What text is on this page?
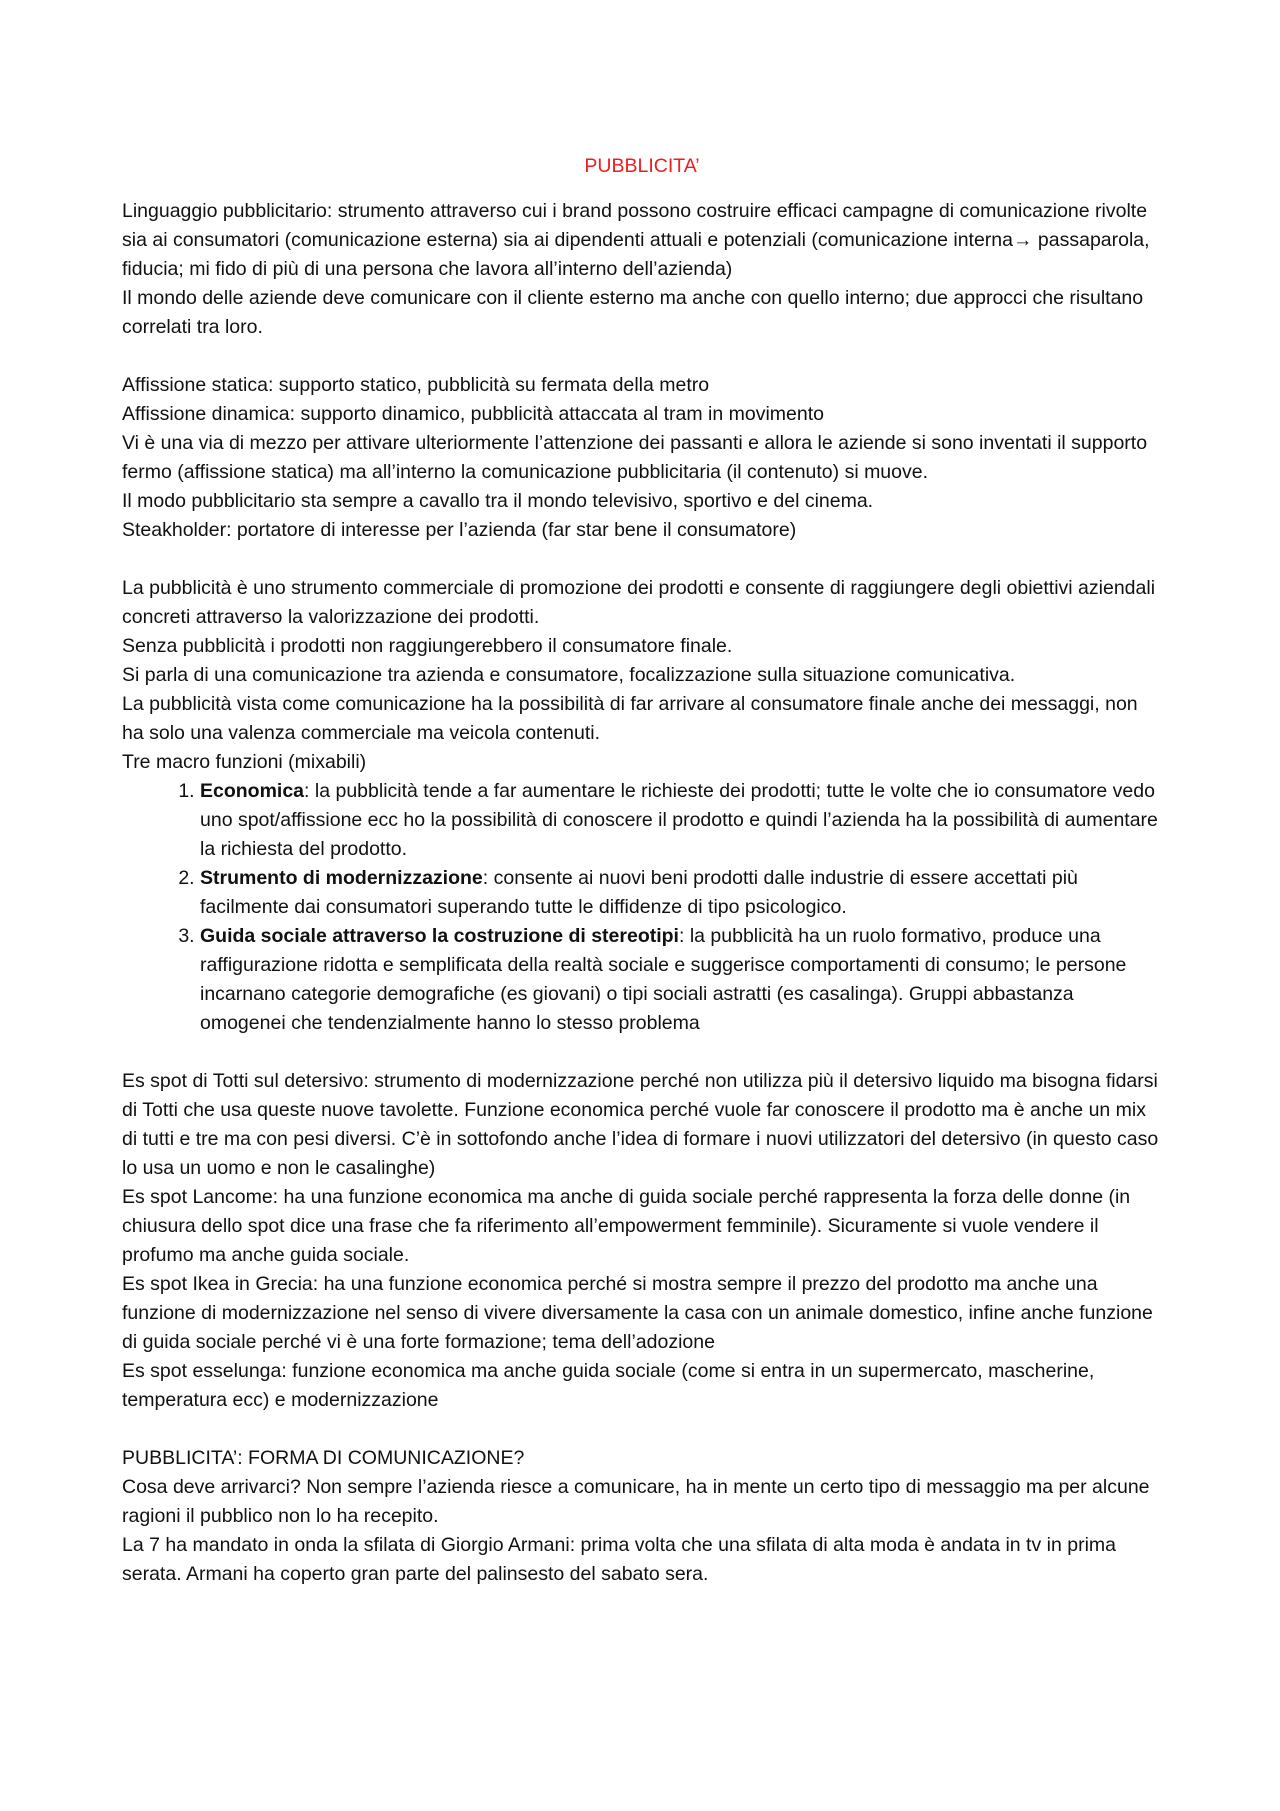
PUBBLICITA’

Linguaggio pubblicitario: strumento attraverso cui i brand possono costruire efficaci campagne di comunicazione rivolte sia ai consumatori (comunicazione esterna) sia ai dipendenti attuali e potenziali (comunicazione interna→ passaparola, fiducia; mi fido di più di una persona che lavora all’interno dell’azienda)

Il mondo delle aziende deve comunicare con il cliente esterno ma anche con quello interno; due approcci che risultano correlati tra loro.

Affissione statica: supporto statico, pubblicità su fermata della metro

Affissione dinamica: supporto dinamico, pubblicità attaccata al tram in movimento

Vi è una via di mezzo per attivare ulteriormente l’attenzione dei passanti e allora le aziende si sono inventati il supporto fermo (affissione statica) ma all’interno la comunicazione pubblicitaria (il contenuto) si muove.

Il modo pubblicitario sta sempre a cavallo tra il mondo televisivo, sportivo e del cinema.

Steakholder: portatore di interesse per l’azienda (far star bene il consumatore)

La pubblicità è uno strumento commerciale di promozione dei prodotti e consente di raggiungere degli obiettivi aziendali concreti attraverso la valorizzazione dei prodotti.

Senza pubblicità i prodotti non raggiungerebbero il consumatore finale.

Si parla di una comunicazione tra azienda e consumatore, focalizzazione sulla situazione comunicativa.

La pubblicità vista come comunicazione ha la possibilità di far arrivare al consumatore finale anche dei messaggi, non ha solo una valenza commerciale ma veicola contenuti.

Tre macro funzioni (mixabili)

1. Economica: la pubblicità tende a far aumentare le richieste dei prodotti; tutte le volte che io consumatore vedo uno spot/affissione ecc ho la possibilità di conoscere il prodotto e quindi l’azienda ha la possibilità di aumentare la richiesta del prodotto.
2. Strumento di modernizzazione: consente ai nuovi beni prodotti dalle industrie di essere accettati più facilmente dai consumatori superando tutte le diffidenze di tipo psicologico.
3. Guida sociale attraverso la costruzione di stereotipi: la pubblicità ha un ruolo formativo, produce una raffigurazione ridotta e semplificata della realtà sociale e suggerisce comportamenti di consumo; le persone incarnano categorie demografiche (es giovani) o tipi sociali astratti (es casalinga). Gruppi abbastanza omogenei che tendenzialmente hanno lo stesso problema

Es spot di Totti sul detersivo: strumento di modernizzazione perché non utilizza più il detersivo liquido ma bisogna fidarsi di Totti che usa queste nuove tavolette. Funzione economica perché vuole far conoscere il prodotto ma è anche un mix di tutti e tre ma con pesi diversi. C’è in sottofondo anche l’idea di formare i nuovi utilizzatori del detersivo (in questo caso lo usa un uomo e non le casalinghe)

Es spot Lancome: ha una funzione economica ma anche di guida sociale perché rappresenta la forza delle donne (in chiusura dello spot dice una frase che fa riferimento all’empowerment femminile). Sicuramente si vuole vendere il profumo ma anche guida sociale.

Es spot Ikea in Grecia: ha una funzione economica perché si mostra sempre il prezzo del prodotto ma anche una funzione di modernizzazione nel senso di vivere diversamente la casa con un animale domestico, infine anche funzione di guida sociale perché vi è una forte formazione; tema dell’adozione

Es spot esselunga: funzione economica ma anche guida sociale (come si entra in un supermercato, mascherine, temperatura ecc) e modernizzazione

PUBBLICITA’: FORMA DI COMUNICAZIONE?

Cosa deve arrivarci? Non sempre l’azienda riesce a comunicare, ha in mente un certo tipo di messaggio ma per alcune ragioni il pubblico non lo ha recepito.

La 7 ha mandato in onda la sfilata di Giorgio Armani: prima volta che una sfilata di alta moda è andata in tv in prima serata. Armani ha coperto gran parte del palinsesto del sabato sera.
